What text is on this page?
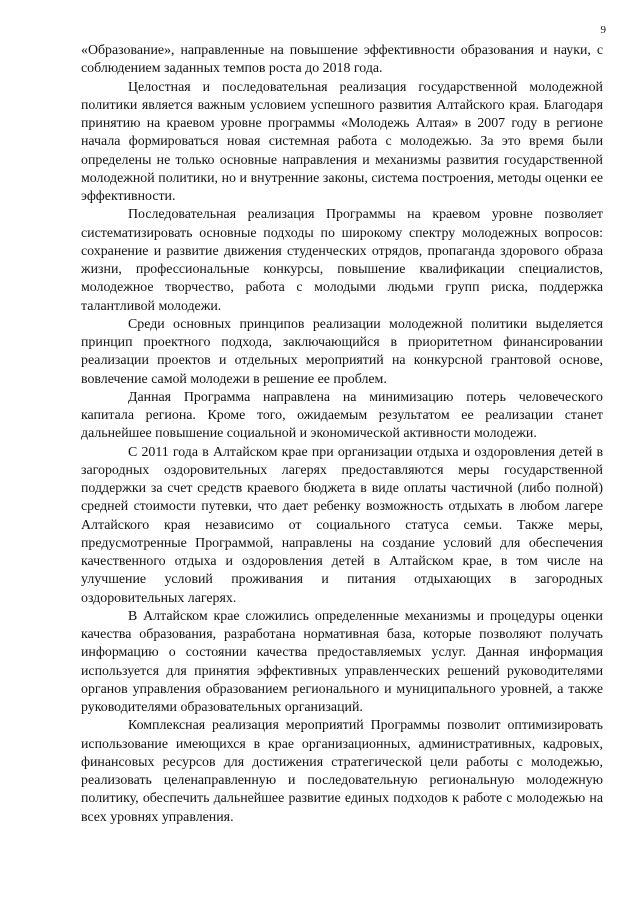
9

«Образование», направленные на повышение эффективности образования и науки, с соблюдением заданных темпов роста до 2018 года.

Целостная и последовательная реализация государственной молодежной политики является важным условием успешного развития Алтайского края. Благодаря принятию на краевом уровне программы «Молодежь Алтая» в 2007 году в регионе начала формироваться новая системная работа с молодежью. За это время были определены не только основные направления и механизмы развития государственной молодежной политики, но и внутренние законы, система построения, методы оценки ее эффективности.

Последовательная реализация Программы на краевом уровне позволяет систематизировать основные подходы по широкому спектру молодежных вопросов: сохранение и развитие движения студенческих отрядов, пропаганда здорового образа жизни, профессиональные конкурсы, повышение квалификации специалистов, молодежное творчество, работа с молодыми людьми групп риска, поддержка талантливой молодежи.

Среди основных принципов реализации молодежной политики выделяется принцип проектного подхода, заключающийся в приоритетном финансировании реализации проектов и отдельных мероприятий на конкурсной грантовой основе, вовлечение самой молодежи в решение ее проблем.

Данная Программа направлена на минимизацию потерь человеческого капитала региона. Кроме того, ожидаемым результатом ее реализации станет дальнейшее повышение социальной и экономической активности молодежи.

С 2011 года в Алтайском крае при организации отдыха и оздоровления детей в загородных оздоровительных лагерях предоставляются меры государственной поддержки за счет средств краевого бюджета в виде оплаты частичной (либо полной) средней стоимости путевки, что дает ребенку возможность отдыхать в любом лагере Алтайского края независимо от социального статуса семьи. Также меры, предусмотренные Программой, направлены на создание условий для обеспечения качественного отдыха и оздоровления детей в Алтайском крае, в том числе на улучшение условий проживания и питания отдыхающих в загородных оздоровительных лагерях.

В Алтайском крае сложились определенные механизмы и процедуры оценки качества образования, разработана нормативная база, которые позволяют получать информацию о состоянии качества предоставляемых услуг. Данная информация используется для принятия эффективных управленческих решений руководителями органов управления образованием регионального и муниципального уровней, а также руководителями образовательных организаций.

Комплексная реализация мероприятий Программы позволит оптимизировать использование имеющихся в крае организационных, административных, кадровых, финансовых ресурсов для достижения стратегической цели работы с молодежью, реализовать целенаправленную и последовательную региональную молодежную политику, обеспечить дальнейшее развитие единых подходов к работе с молодежью на всех уровнях управления.
